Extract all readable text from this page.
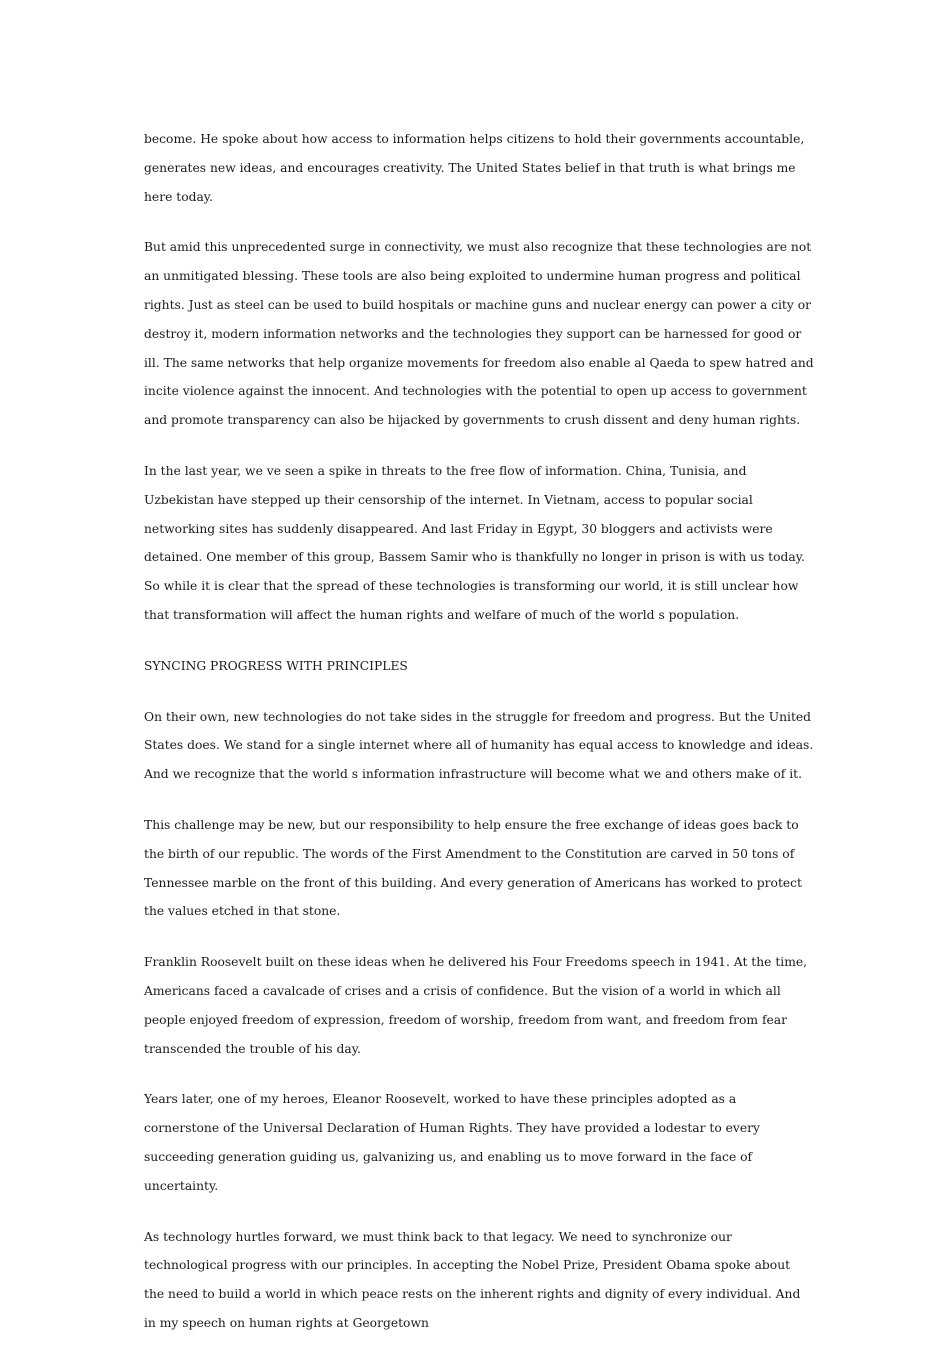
become. He spoke about how access to information helps citizens to hold their governments accountable, generates new ideas, and encourages creativity. The United States belief in that truth is what brings me here today.

But amid this unprecedented surge in connectivity, we must also recognize that these technologies are not an unmitigated blessing. These tools are also being exploited to undermine human progress and political rights. Just as steel can be used to build hospitals or machine guns and nuclear energy can power a city or destroy it, modern information networks and the technologies they support can be harnessed for good or ill. The same networks that help organize movements for freedom also enable al Qaeda to spew hatred and incite violence against the innocent. And technologies with the potential to open up access to government and promote transparency can also be hijacked by governments to crush dissent and deny human rights.

In the last year, we ve seen a spike in threats to the free flow of information. China, Tunisia, and Uzbekistan have stepped up their censorship of the internet. In Vietnam, access to popular social networking sites has suddenly disappeared. And last Friday in Egypt, 30 bloggers and activists were detained. One member of this group, Bassem Samir who is thankfully no longer in prison is with us today. So while it is clear that the spread of these technologies is transforming our world, it is still unclear how that transformation will affect the human rights and welfare of much of the world s population.

SYNCING PROGRESS WITH PRINCIPLES

On their own, new technologies do not take sides in the struggle for freedom and progress. But the United States does. We stand for a single internet where all of humanity has equal access to knowledge and ideas. And we recognize that the world s information infrastructure will become what we and others make of it.

This challenge may be new, but our responsibility to help ensure the free exchange of ideas goes back to the birth of our republic. The words of the First Amendment to the Constitution are carved in 50 tons of Tennessee marble on the front of this building. And every generation of Americans has worked to protect the values etched in that stone.

Franklin Roosevelt built on these ideas when he delivered his Four Freedoms speech in 1941. At the time, Americans faced a cavalcade of crises and a crisis of confidence. But the vision of a world in which all people enjoyed freedom of expression, freedom of worship, freedom from want, and freedom from fear transcended the trouble of his day.

Years later, one of my heroes, Eleanor Roosevelt, worked to have these principles adopted as a cornerstone of the Universal Declaration of Human Rights. They have provided a lodestar to every succeeding generation guiding us, galvanizing us, and enabling us to move forward in the face of uncertainty.

As technology hurtles forward, we must think back to that legacy. We need to synchronize our technological progress with our principles. In accepting the Nobel Prize, President Obama spoke about the need to build a world in which peace rests on the inherent rights and dignity of every individual. And in my speech on human rights at Georgetown
